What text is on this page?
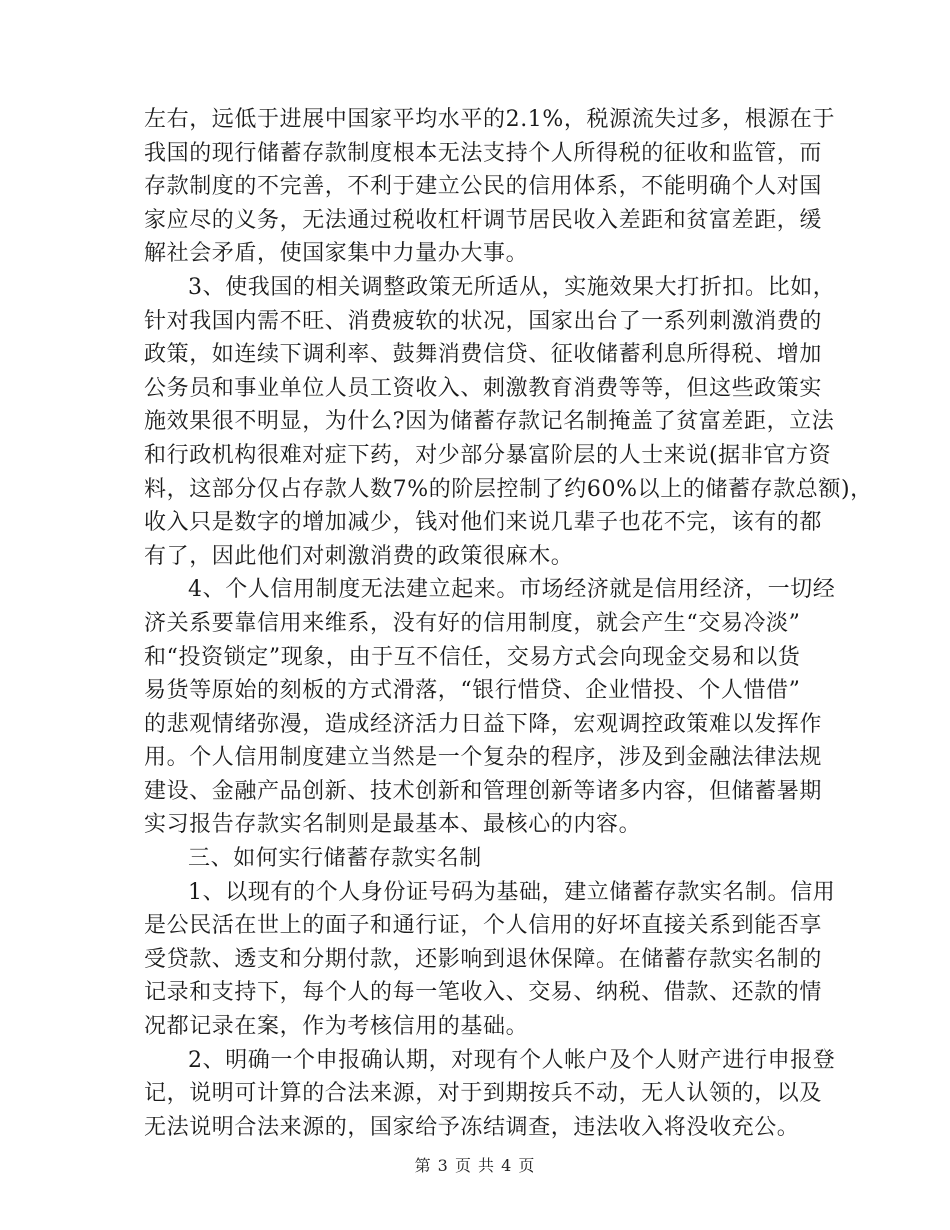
左右，远低于进展中国家平均水平的2.1%，税源流失过多，根源在于
我国的现行储蓄存款制度根本无法支持个人所得税的征收和监管，而
存款制度的不完善，不利于建立公民的信用体系，不能明确个人对国
家应尽的义务，无法通过税收杠杆调节居民收入差距和贫富差距，缓
解社会矛盾，使国家集中力量办大事。
3、使我国的相关调整政策无所适从，实施效果大打折扣。比如，
针对我国内需不旺、消费疲软的状况，国家出台了一系列刺激消费的
政策，如连续下调利率、鼓舞消费信贷、征收储蓄利息所得税、增加
公务员和事业单位人员工资收入、刺激教育消费等等，但这些政策实
施效果很不明显，为什么?因为储蓄存款记名制掩盖了贫富差距，立法
和行政机构很难对症下药，对少部分暴富阶层的人士来说(据非官方资
料，这部分仅占存款人数7%的阶层控制了约60%以上的储蓄存款总额)，
收入只是数字的增加减少，钱对他们来说几辈子也花不完，该有的都
有了，因此他们对刺激消费的政策很麻木。
4、个人信用制度无法建立起来。市场经济就是信用经济，一切经
济关系要靠信用来维系，没有好的信用制度，就会产生“交易冷淡”
和“投资锁定”现象，由于互不信任，交易方式会向现金交易和以货
易货等原始的刻板的方式滑落，“银行惜贷、企业惜投、个人惜借”
的悲观情绪弥漫，造成经济活力日益下降，宏观调控政策难以发挥作
用。个人信用制度建立当然是一个复杂的程序，涉及到金融法律法规
建设、金融产品创新、技术创新和管理创新等诸多内容，但储蓄暑期
实习报告存款实名制则是最基本、最核心的内容。
三、如何实行储蓄存款实名制
1、以现有的个人身份证号码为基础，建立储蓄存款实名制。信用
是公民活在世上的面子和通行证，个人信用的好坏直接关系到能否享
受贷款、透支和分期付款，还影响到退休保障。在储蓄存款实名制的
记录和支持下，每个人的每一笔收入、交易、纳税、借款、还款的情
况都记录在案，作为考核信用的基础。
2、明确一个申报确认期，对现有个人帐户及个人财产进行申报登
记，说明可计算的合法来源，对于到期按兵不动，无人认领的，以及
无法说明合法来源的，国家给予冻结调查，违法收入将没收充公。
第 3 页 共 4 页
